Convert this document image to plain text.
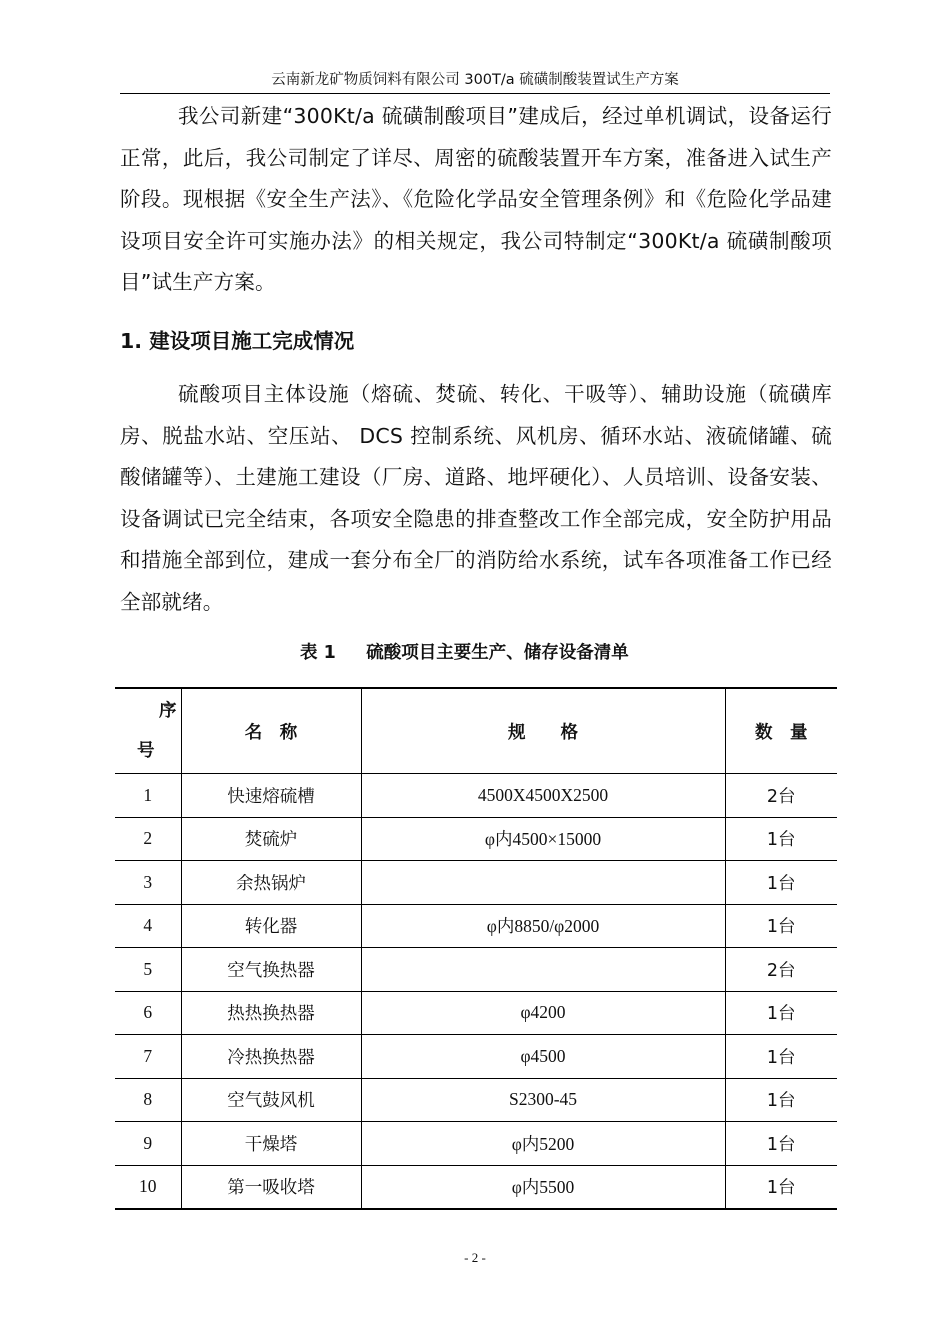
云南新龙矿物质饲料有限公司 300T/a 硫磺制酸装置试生产方案

我公司新建“300Kt/a 硫磺制酸项目”建成后，经过单机调试，设备运行正常，此后，我公司制定了详尽、周密的硫酸装置开车方案，准备进入试生产阶段。现根据《安全生产法》、《危险化学品安全管理条例》和《危险化学品建设项目安全许可实施办法》的相关规定，我公司特制定“300Kt/a 硫磺制酸项目”试生产方案。

1. 建设项目施工完成情况

硫酸项目主体设施（熔硫、焚硫、转化、干吸等）、辅助设施（硫磺库房、脱盐水站、空压站、 DCS 控制系统、风机房、循环水站、液硫储罐、硫酸储罐等）、土建施工建设（厂房、道路、地坪硬化）、人员培训、设备安装、设备调试已完全结束，各项安全隐患的排查整改工作全部完成，安全防护用品和措施全部到位，建成一套分布全厂的消防给水系统，试车各项准备工作已经全部就绪。

表 1     硫酸项目主要生产、储存设备清单
序
号	名　称	规　　格	数　量
1	快速熔硫槽	4500X4500X2500	2台
2	焚硫炉	φ内4500×15000	1台
3	余热锅炉		1台
4	转化器	φ内8850/φ2000	1台
5	空气换热器		2台
6	热热换热器	φ4200	1台
7	冷热换热器	φ4500	1台
8	空气鼓风机	S2300-45	1台
9	干燥塔	φ内5200	1台
10	第一吸收塔	φ内5500	1台
- 2 -
